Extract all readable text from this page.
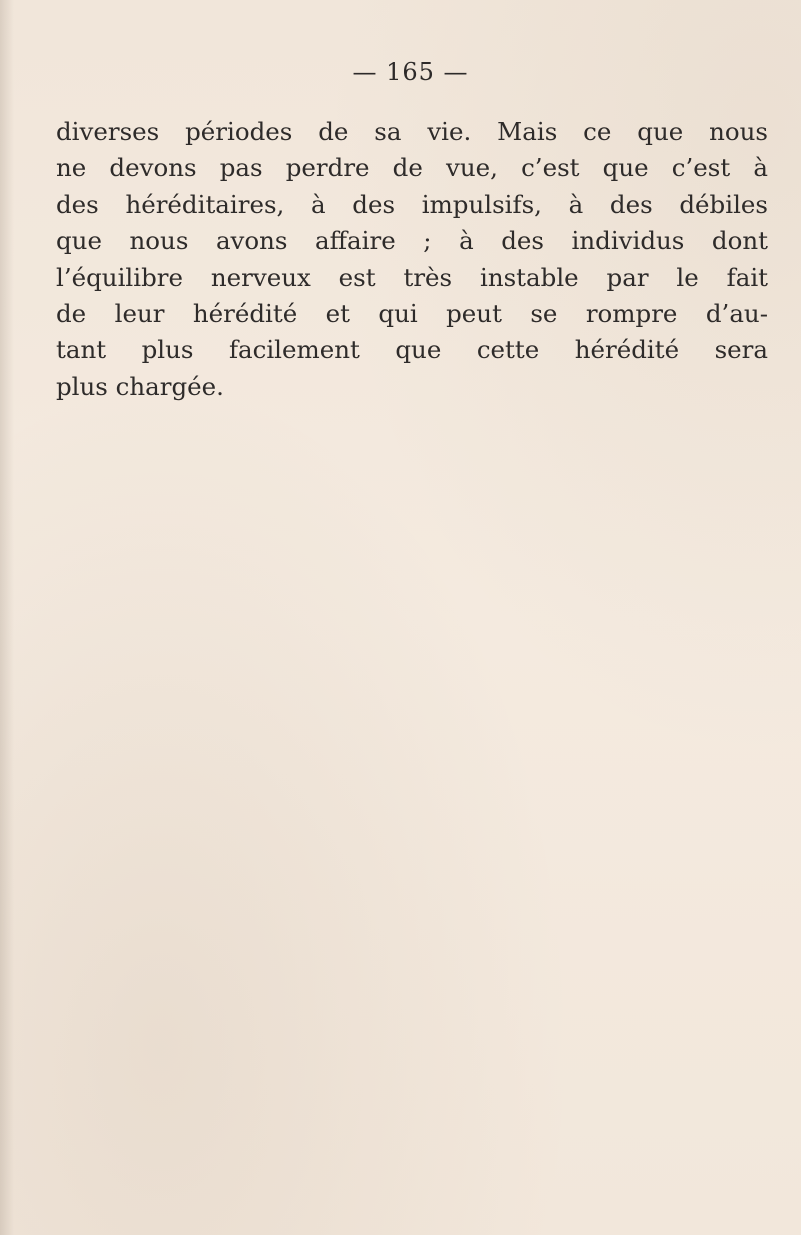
— 165 —
diverses périodes de sa vie. Mais ce que nous
ne devons pas perdre de vue, c’est que c’est à
des héréditaires, à des impulsifs, à des débiles
que nous avons affaire ; à des individus dont
l’équilibre nerveux est très instable par le fait
de leur hérédité et qui peut se rompre d’au-
tant plus facilement que cette hérédité sera
plus chargée.
